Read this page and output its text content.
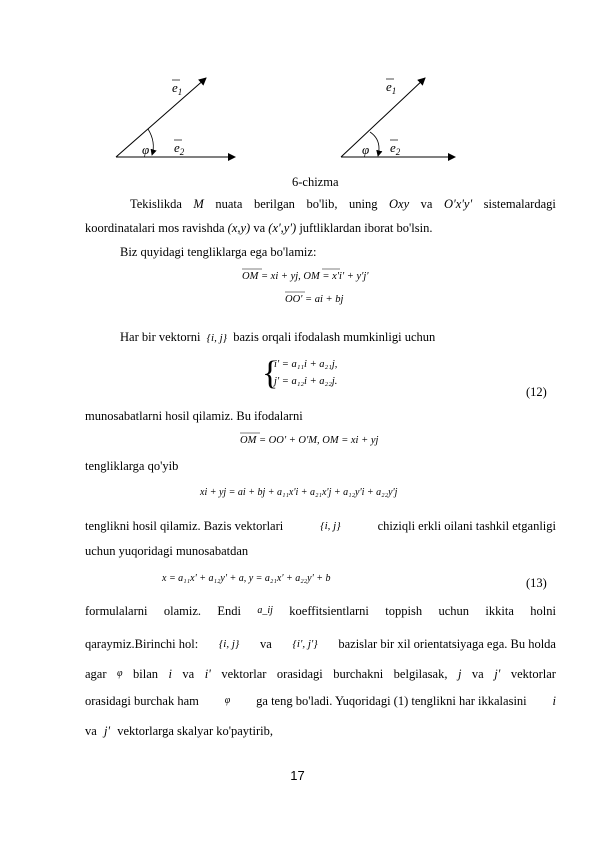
$e_1$
φ $e_2$
$e_1$
φ $e_2$
6-chizma
Tekislikda M nuata berilgan bo'lib, uning Oxy va O'x'y' sistemalardagi
koordinatalari mos ravishda (x,y) va (x',y') juftliklardan iborat bo'lsin.
Biz quyidagi tengliklarga ega bo'lamiz:
OM = xi + yj, OM = x'i' + y'j'
OO' = ai + bj
Har bir vektorni {i, j} bazis orqali ifodalash mumkinligi uchun
{
i' = a₁₁i + a₂₁j,
j' = a₁₂i + a₂₂j.
(12)
munosabatlarni hosil qilamiz. Bu ifodalarni
OM = OO' + O'M, OM = xi + yj
tengliklarga qo'yib
xi + yj = ai + bj + a₁₁x'i + a₂₁x'j + a₁₂y'i + a₂₂y'j
tenglikni hosil qilamiz. Bazis vektorlari	{i, j}	chiziqli erkli oilani tashkil etganligi
uchun yuqoridagi munosabatdan
x = a₁₁x' + a₁₂y' + a, y = a₂₁x' + a₂₂y' + b	(13)
formulalarni olamiz. Endi a_ij koeffitsientlarni toppish uchun ikkita holni
qaraymiz.Birinchi hol: {i, j} va {i', j'} bazislar bir xil orientatsiyaga ega. Bu holda
agar φ bilan i va i' vektorlar orasidagi burchakni belgilasak, j va j' vektorlar
orasidagi burchak ham	φ ga teng bo'ladi. Yuqoridagi (1) tenglikni har ikkalasini i
va j' vektorlarga skalyar ko'paytirib,
17
